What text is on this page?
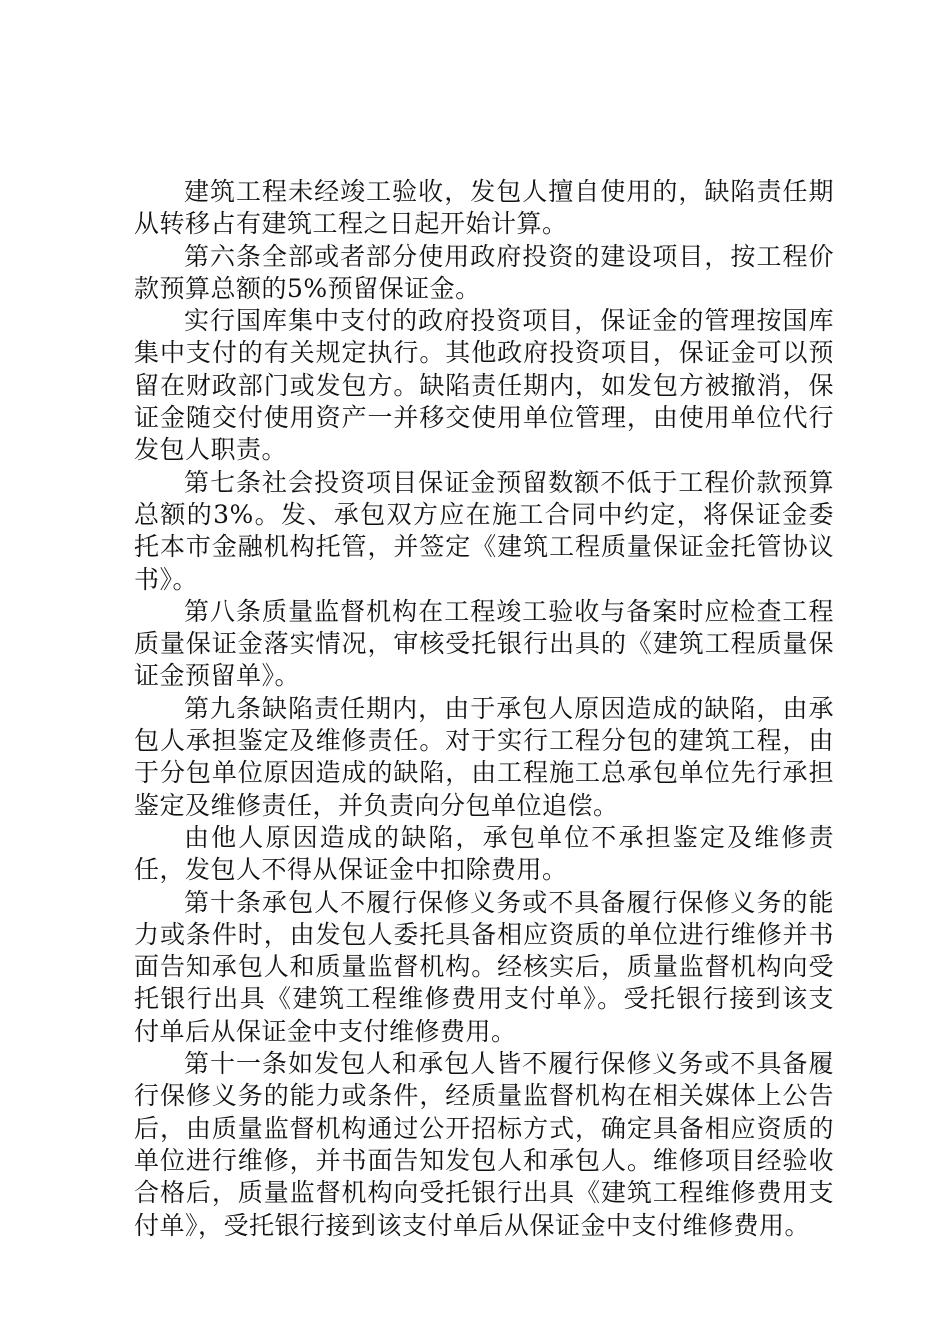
建筑工程未经竣工验收，发包人擅自使用的，缺陷责任期从转移占有建筑工程之日起开始计算。

第六条全部或者部分使用政府投资的建设项目，按工程价款预算总额的5%预留保证金。

实行国库集中支付的政府投资项目，保证金的管理按国库集中支付的有关规定执行。其他政府投资项目，保证金可以预留在财政部门或发包方。缺陷责任期内，如发包方被撤消，保证金随交付使用资产一并移交使用单位管理，由使用单位代行发包人职责。

第七条社会投资项目保证金预留数额不低于工程价款预算总额的3%。发、承包双方应在施工合同中约定，将保证金委托本市金融机构托管，并签定《建筑工程质量保证金托管协议书》。

第八条质量监督机构在工程竣工验收与备案时应检查工程质量保证金落实情况，审核受托银行出具的《建筑工程质量保证金预留单》。

第九条缺陷责任期内，由于承包人原因造成的缺陷，由承包人承担鉴定及维修责任。对于实行工程分包的建筑工程，由于分包单位原因造成的缺陷，由工程施工总承包单位先行承担鉴定及维修责任，并负责向分包单位追偿。

由他人原因造成的缺陷，承包单位不承担鉴定及维修责任，发包人不得从保证金中扣除费用。

第十条承包人不履行保修义务或不具备履行保修义务的能力或条件时，由发包人委托具备相应资质的单位进行维修并书面告知承包人和质量监督机构。经核实后，质量监督机构向受托银行出具《建筑工程维修费用支付单》。受托银行接到该支付单后从保证金中支付维修费用。

第十一条如发包人和承包人皆不履行保修义务或不具备履行保修义务的能力或条件，经质量监督机构在相关媒体上公告后，由质量监督机构通过公开招标方式，确定具备相应资质的单位进行维修，并书面告知发包人和承包人。维修项目经验收合格后，质量监督机构向受托银行出具《建筑工程维修费用支付单》，受托银行接到该支付单后从保证金中支付维修费用。
